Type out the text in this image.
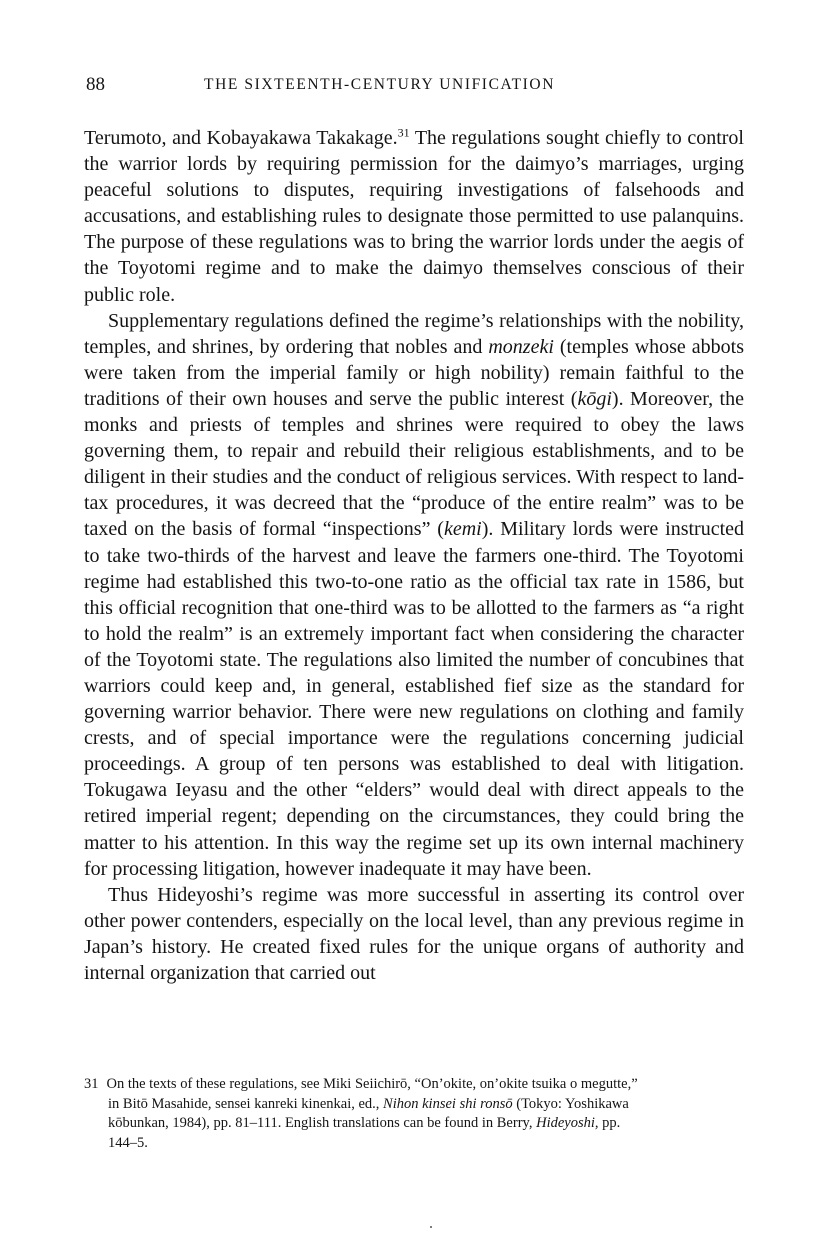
88	THE SIXTEENTH-CENTURY UNIFICATION

Terumoto, and Kobayakawa Takakage.$^{31}$ The regulations sought chiefly to control the warrior lords by requiring permission for the daimyo’s marriages, urging peaceful solutions to disputes, requiring investigations of falsehoods and accusations, and establishing rules to designate those permitted to use palanquins. The purpose of these regulations was to bring the warrior lords under the aegis of the Toyotomi regime and to make the daimyo themselves conscious of their public role.

Supplementary regulations defined the regime’s relationships with the nobility, temples, and shrines, by ordering that nobles and monzeki (temples whose abbots were taken from the imperial family or high nobility) remain faithful to the traditions of their own houses and serve the public interest (kōgi). Moreover, the monks and priests of temples and shrines were required to obey the laws governing them, to repair and rebuild their religious establishments, and to be diligent in their studies and the conduct of religious services. With respect to land-tax procedures, it was decreed that the “produce of the entire realm” was to be taxed on the basis of formal “inspections” (kemi). Military lords were instructed to take two-thirds of the harvest and leave the farmers one-third. The Toyotomi regime had established this two-to-one ratio as the official tax rate in 1586, but this official recognition that one-third was to be allotted to the farmers as “a right to hold the realm” is an extremely important fact when considering the character of the Toyotomi state. The regulations also limited the number of concubines that warriors could keep and, in general, established fief size as the standard for governing warrior behavior. There were new regulations on clothing and family crests, and of special importance were the regulations concerning judicial proceedings. A group of ten persons was established to deal with litigation. Tokugawa Ieyasu and the other “elders” would deal with direct appeals to the retired imperial regent; depending on the circumstances, they could bring the matter to his attention. In this way the regime set up its own internal machinery for processing litigation, however inadequate it may have been.

Thus Hideyoshi’s regime was more successful in asserting its control over other power contenders, especially on the local level, than any previous regime in Japan’s history. He created fixed rules for the unique organs of authority and internal organization that carried out

31 On the texts of these regulations, see Miki Seiichirō, “On’okite, on’okite tsuika o megutte,”
in Bitō Masahide, sensei kanreki kinenkai, ed., Nihon kinsei shi ronsō (Tokyo: Yoshikawa
kōbunkan, 1984), pp. 81–111. English translations can be found in Berry, Hideyoshi, pp.
144–5.
